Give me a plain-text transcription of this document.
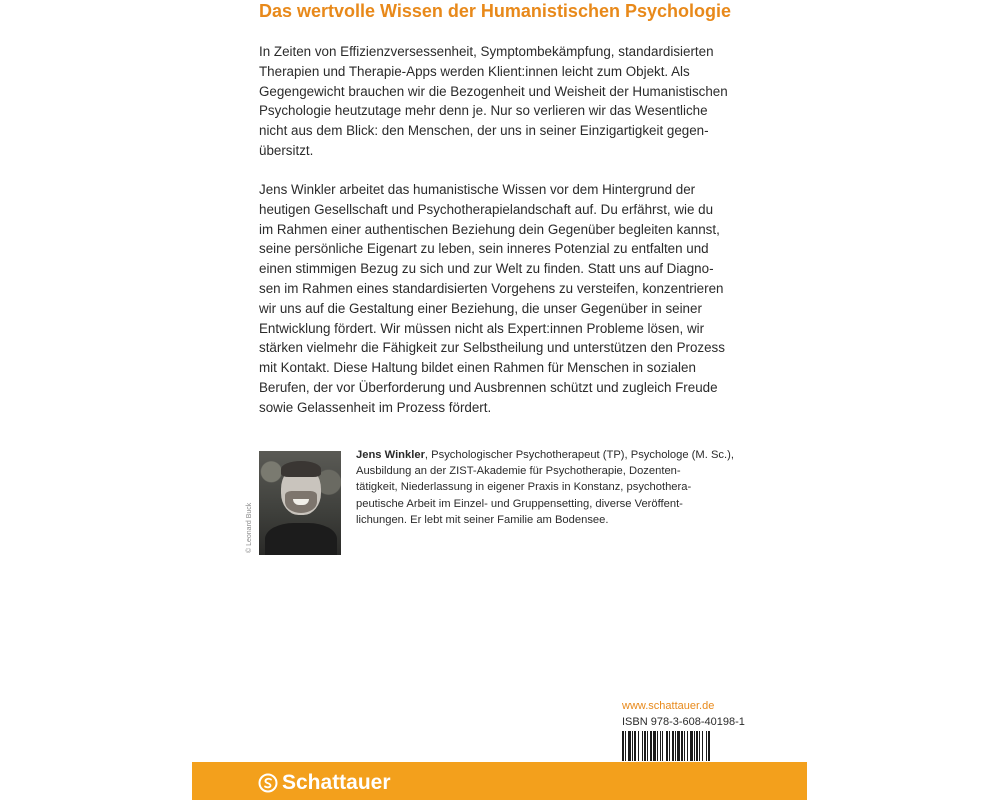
Das wertvolle Wissen der Humanistischen Psychologie
In Zeiten von Effizienzversessenheit, Symptombekämpfung, standardisierten
Therapien und Therapie-Apps werden Klient:innen leicht zum Objekt. Als
Gegengewicht brauchen wir die Bezogenheit und Weisheit der Humanistischen
Psychologie heutzutage mehr denn je. Nur so verlieren wir das Wesentliche
nicht aus dem Blick: den Menschen, der uns in seiner Einzigartigkeit gegen-
übersitzt.
Jens Winkler arbeitet das humanistische Wissen vor dem Hintergrund der
heutigen Gesellschaft und Psychotherapielandschaft auf. Du erfährst, wie du
im Rahmen einer authentischen Beziehung dein Gegenüber begleiten kannst,
seine persönliche Eigenart zu leben, sein inneres Potenzial zu entfalten und
einen stimmigen Bezug zu sich und zur Welt zu finden. Statt uns auf Diagno-
sen im Rahmen eines standardisierten Vorgehens zu versteifen, konzentrieren
wir uns auf die Gestaltung einer Beziehung, die unser Gegenüber in seiner
Entwicklung fördert. Wir müssen nicht als Expert:innen Probleme lösen, wir
stärken vielmehr die Fähigkeit zur Selbstheilung und unterstützen den Prozess
mit Kontakt. Diese Haltung bildet einen Rahmen für Menschen in sozialen
Berufen, der vor Überforderung und Ausbrennen schützt und zugleich Freude
sowie Gelassenheit im Prozess fördert.
© Leonard Buck
Jens Winkler, Psychologischer Psychotherapeut (TP), Psychologe (M. Sc.),
Ausbildung an der ZIST-Akademie für Psychotherapie, Dozenten-
tätigkeit, Niederlassung in eigener Praxis in Konstanz, psychothera-
peutische Arbeit im Einzel- und Gruppensetting, diverse Veröffent-
lichungen. Er lebt mit seiner Familie am Bodensee.
www.schattauer.de
ISBN 978-3-608-40198-1
Schattauer
